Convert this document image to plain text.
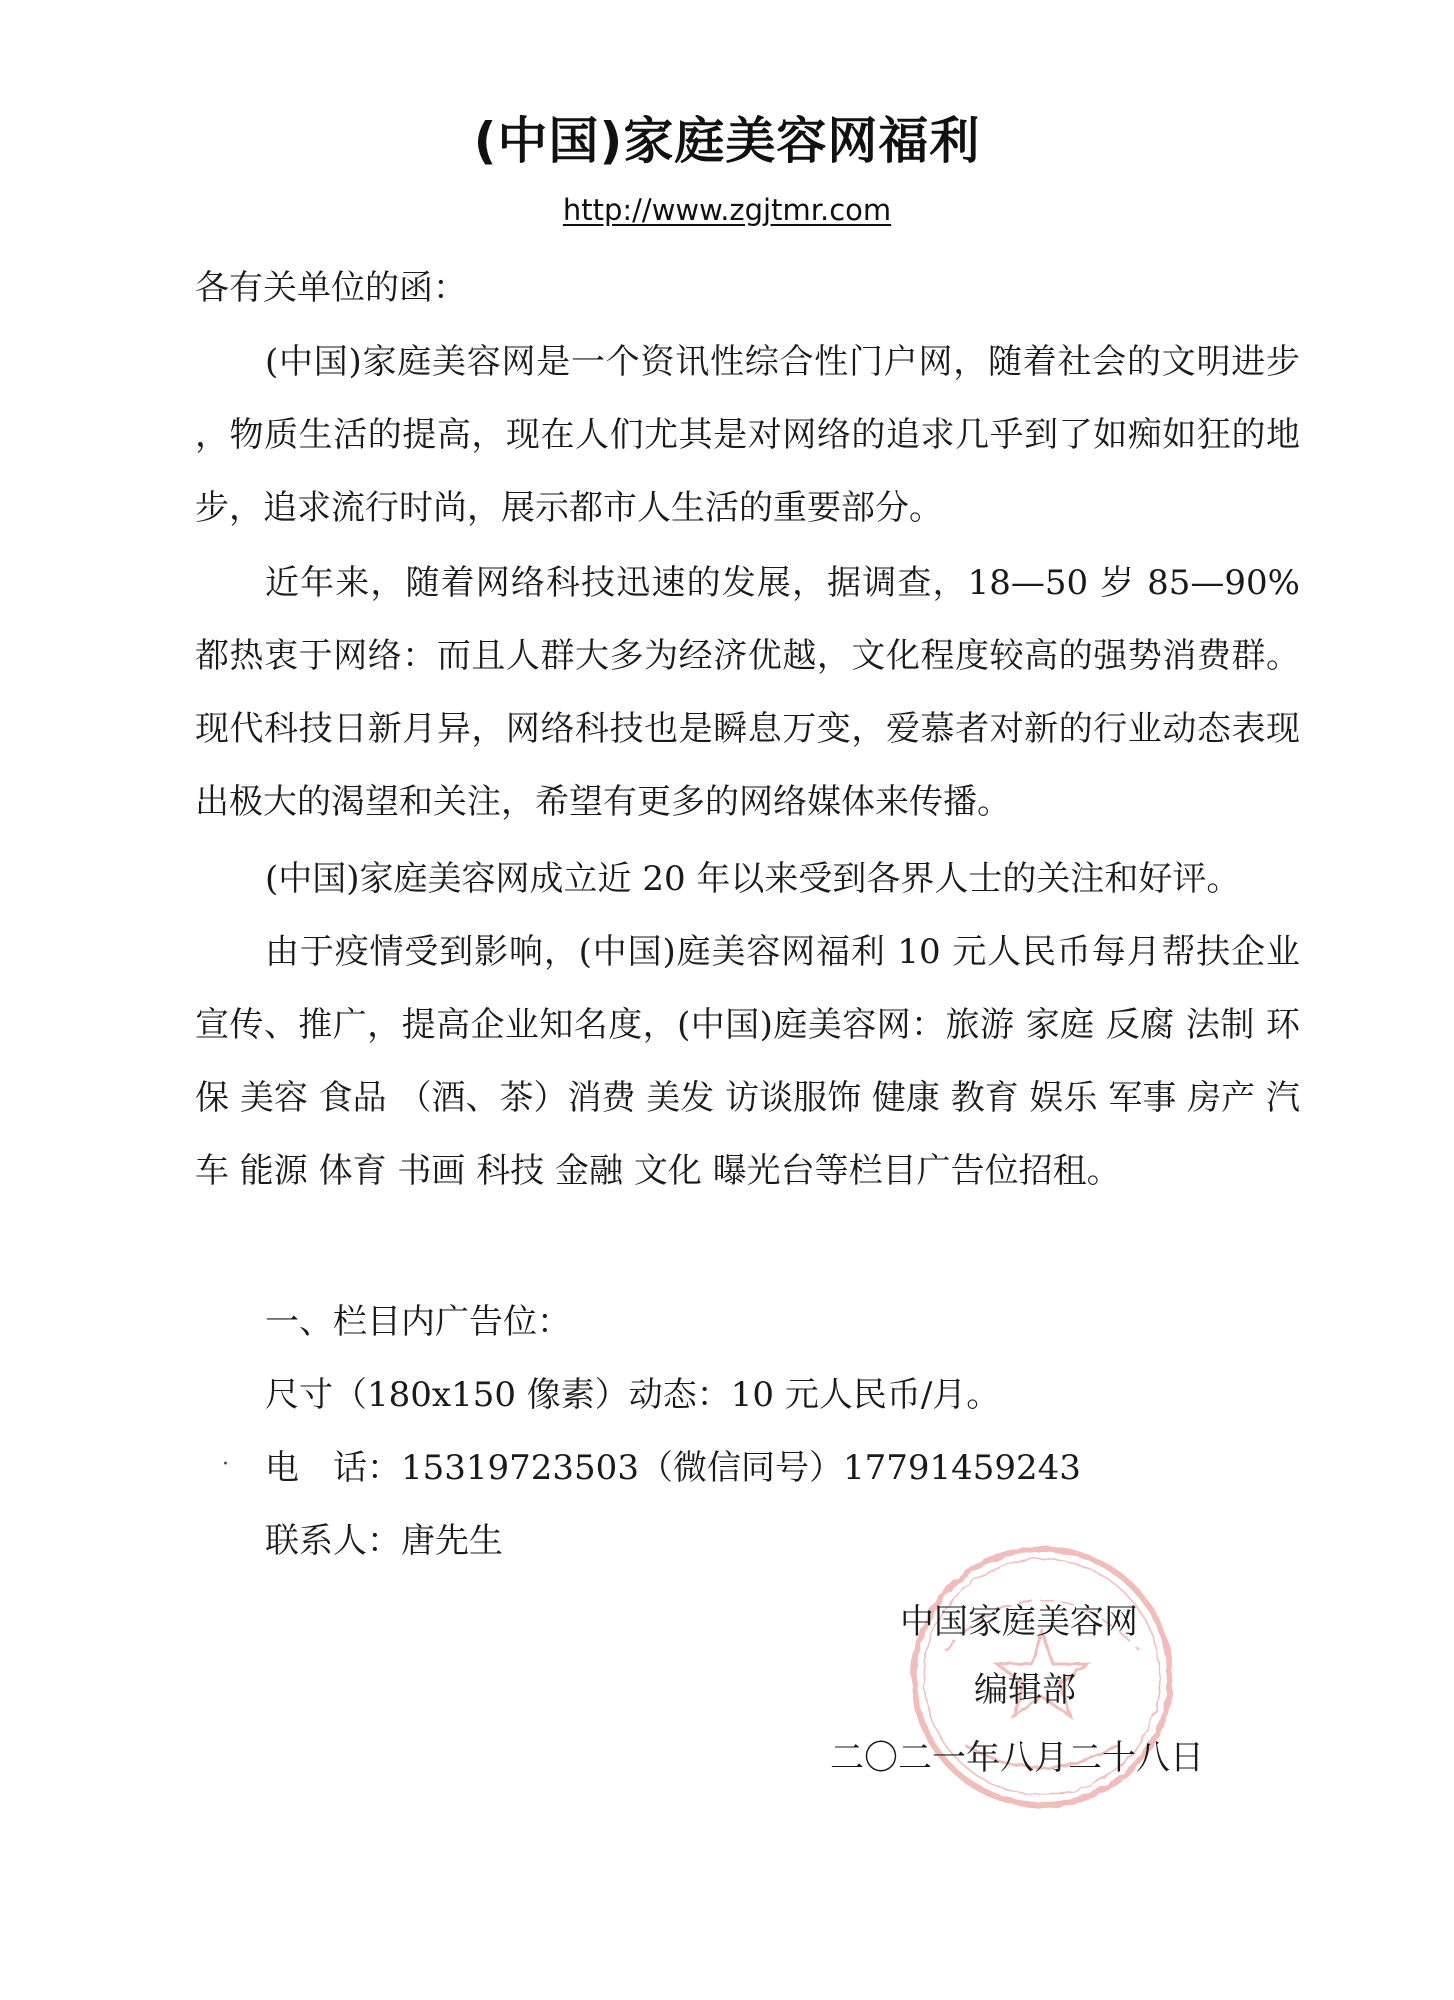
(中国)家庭美容网福利
http://www.zgjtmr.com
各有关单位的函：

(中国)家庭美容网是一个资讯性综合性门户网，随着社会的文明进步 ，物质生活的提高，现在人们尤其是对网络的追求几乎到了如痴如狂的地步，追求流行时尚，展示都市人生活的重要部分。

近年来，随着网络科技迅速的发展，据调查，18—50 岁 85—90%都热衷于网络：而且人群大多为经济优越，文化程度较高的强势消费群。现代科技日新月异，网络科技也是瞬息万变，爱慕者对新的行业动态表现出极大的渴望和关注，希望有更多的网络媒体来传播。

(中国)家庭美容网成立近 20 年以来受到各界人士的关注和好评。

由于疫情受到影响，(中国)庭美容网福利 10 元人民币每月帮扶企业宣传、推广，提高企业知名度，(中国)庭美容网：旅游 家庭 反腐 法制 环保 美容 食品 （酒、茶）消费 美发 访谈服饰 健康 教育 娱乐 军事 房产 汽车 能源 体育 书画 科技 金融 文化 曝光台等栏目广告位招租。

一、栏目内广告位：
尺寸（180x150 像素）动态：10 元人民币/月。
· 电　话：15319723503（微信同号）17791459243
联系人：唐先生
中国家庭美容网
编辑部
二〇二一年八月二十八日
